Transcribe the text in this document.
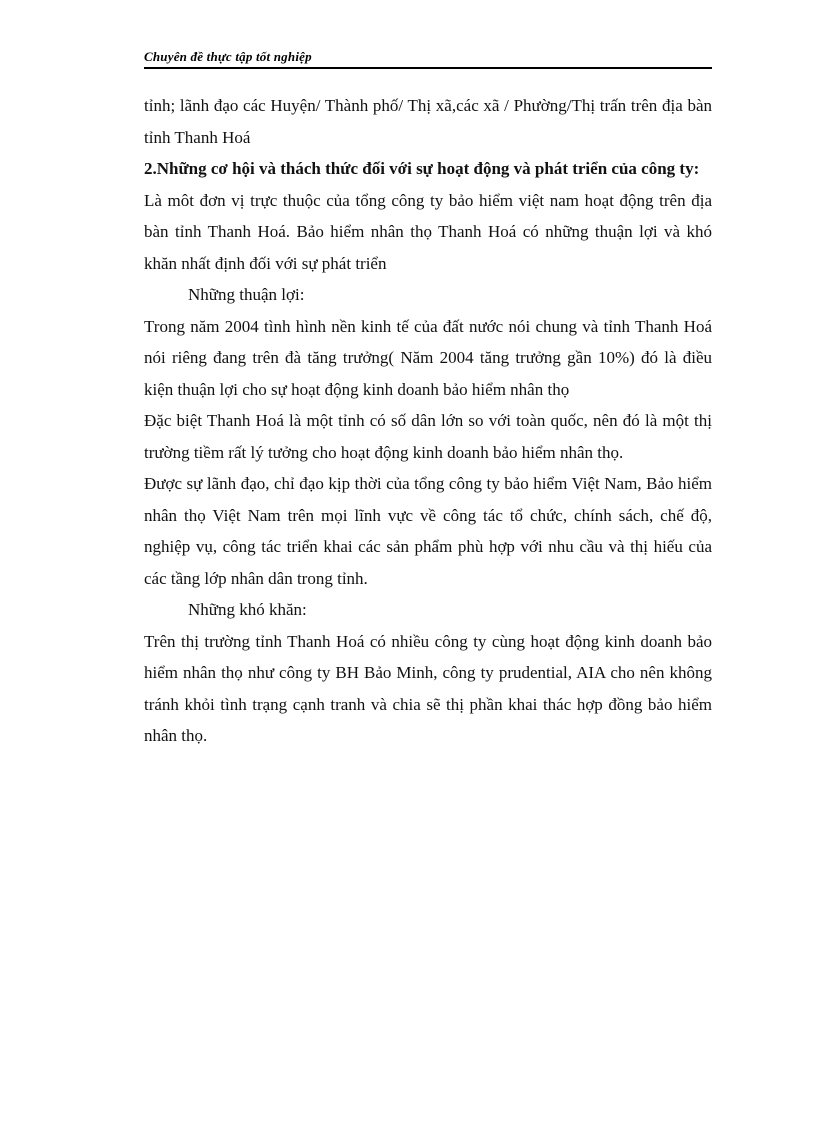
Chuyên đề thực tập tốt nghiệp

tỉnh; lãnh đạo các Huyện/ Thành phố/ Thị xã,các xã / Phường/Thị trấn trên địa bàn tỉnh Thanh Hoá

2.Những cơ hội và thách thức đối với sự hoạt động và phát triển của công ty:

Là môt đơn vị trực thuộc của tổng công ty bảo hiểm việt nam hoạt động trên địa bàn tỉnh Thanh Hoá. Bảo hiểm nhân thọ Thanh Hoá có những thuận lợi và khó khăn nhất định đối với sự phát triển

Những thuận lợi:

Trong năm 2004 tình hình nền kinh tế của đất nước nói chung và tỉnh Thanh Hoá nói riêng đang trên đà tăng trưởng( Năm 2004 tăng trưởng gần 10%) đó là điều kiện thuận lợi cho sự hoạt động kinh doanh bảo hiểm nhân thọ

Đặc biệt Thanh Hoá là một tỉnh có số dân lớn so với toàn quốc, nên đó là một thị trường tiềm rất lý tưởng cho hoạt động kinh doanh bảo hiểm nhân thọ.

Được sự lãnh đạo, chỉ đạo kịp thời của tổng công ty bảo hiểm Việt Nam, Bảo hiểm nhân thọ Việt Nam trên mọi lĩnh vực về công tác tổ chức, chính sách, chế độ, nghiệp vụ, công tác triển khai các sản phẩm phù hợp với nhu cầu và thị hiếu của các tầng lớp nhân dân trong tỉnh.

Những khó khăn:

Trên thị trường tỉnh Thanh Hoá có nhiều công ty cùng hoạt động kinh doanh bảo hiểm nhân thọ như công ty BH Bảo Minh, công ty prudential, AIA cho nên không tránh khỏi tình trạng cạnh tranh và chia sẽ thị phần khai thác hợp đồng bảo hiểm nhân thọ.
